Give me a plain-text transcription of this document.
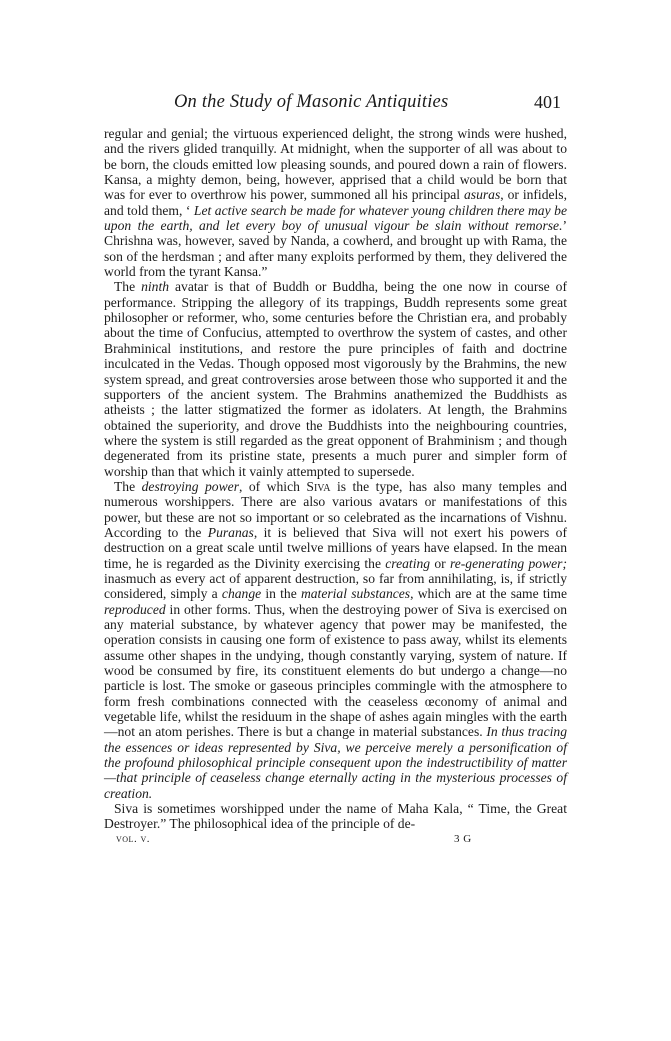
On the Study of Masonic Antiquities	401

regular and genial; the virtuous experienced delight, the strong winds were hushed, and the rivers glided tranquilly. At midnight, when the supporter of all was about to be born, the clouds emitted low pleasing sounds, and poured down a rain of flowers. Kansa, a mighty demon, being, however, apprised that a child would be born that was for ever to overthrow his power, summoned all his principal asuras, or infidels, and told them, ‘ Let active search be made for whatever young children there may be upon the earth, and let every boy of unusual vigour be slain without remorse.’ Chrishna was, however, saved by Nanda, a cowherd, and brought up with Rama, the son of the herdsman ; and after many exploits performed by them, they delivered the world from the tyrant Kansa.”

The ninth avatar is that of Buddh or Buddha, being the one now in course of performance. Stripping the allegory of its trappings, Buddh represents some great philosopher or reformer, who, some centuries before the Christian era, and probably about the time of Confucius, attempted to overthrow the system of castes, and other Brahminical institutions, and restore the pure principles of faith and doctrine inculcated in the Vedas. Though opposed most vigorously by the Brahmins, the new system spread, and great controversies arose between those who supported it and the supporters of the ancient system. The Brahmins anathemized the Buddhists as atheists ; the latter stigmatized the former as idolaters. At length, the Brahmins obtained the superiority, and drove the Buddhists into the neighbouring countries, where the system is still regarded as the great opponent of Brahminism ; and though degenerated from its pristine state, presents a much purer and simpler form of worship than that which it vainly attempted to supersede.

The destroying power, of which Siva is the type, has also many temples and numerous worshippers. There are also various avatars or manifestations of this power, but these are not so important or so celebrated as the incarnations of Vishnu. According to the Puranas, it is believed that Siva will not exert his powers of destruction on a great scale until twelve millions of years have elapsed. In the mean time, he is regarded as the Divinity exercising the creating or re-generating power; inasmuch as every act of apparent destruction, so far from annihilating, is, if strictly considered, simply a change in the material substances, which are at the same time reproduced in other forms. Thus, when the destroying power of Siva is exercised on any material substance, by whatever agency that power may be manifested, the operation consists in causing one form of existence to pass away, whilst its elements assume other shapes in the undying, though constantly varying, system of nature. If wood be consumed by fire, its constituent elements do but undergo a change—no particle is lost. The smoke or gaseous principles commingle with the atmosphere to form fresh combinations connected with the ceaseless œconomy of animal and vegetable life, whilst the residuum in the shape of ashes again mingles with the earth—not an atom perishes. There is but a change in material substances. In thus tracing the essences or ideas represented by Siva, we perceive merely a personification of the profound philosophical principle consequent upon the indestructibility of matter—that principle of ceaseless change eternally acting in the mysterious processes of creation.

Siva is sometimes worshipped under the name of Maha Kala, “ Time, the Great Destroyer.” The philosophical idea of the principle of de-

vol. v.	3 G
